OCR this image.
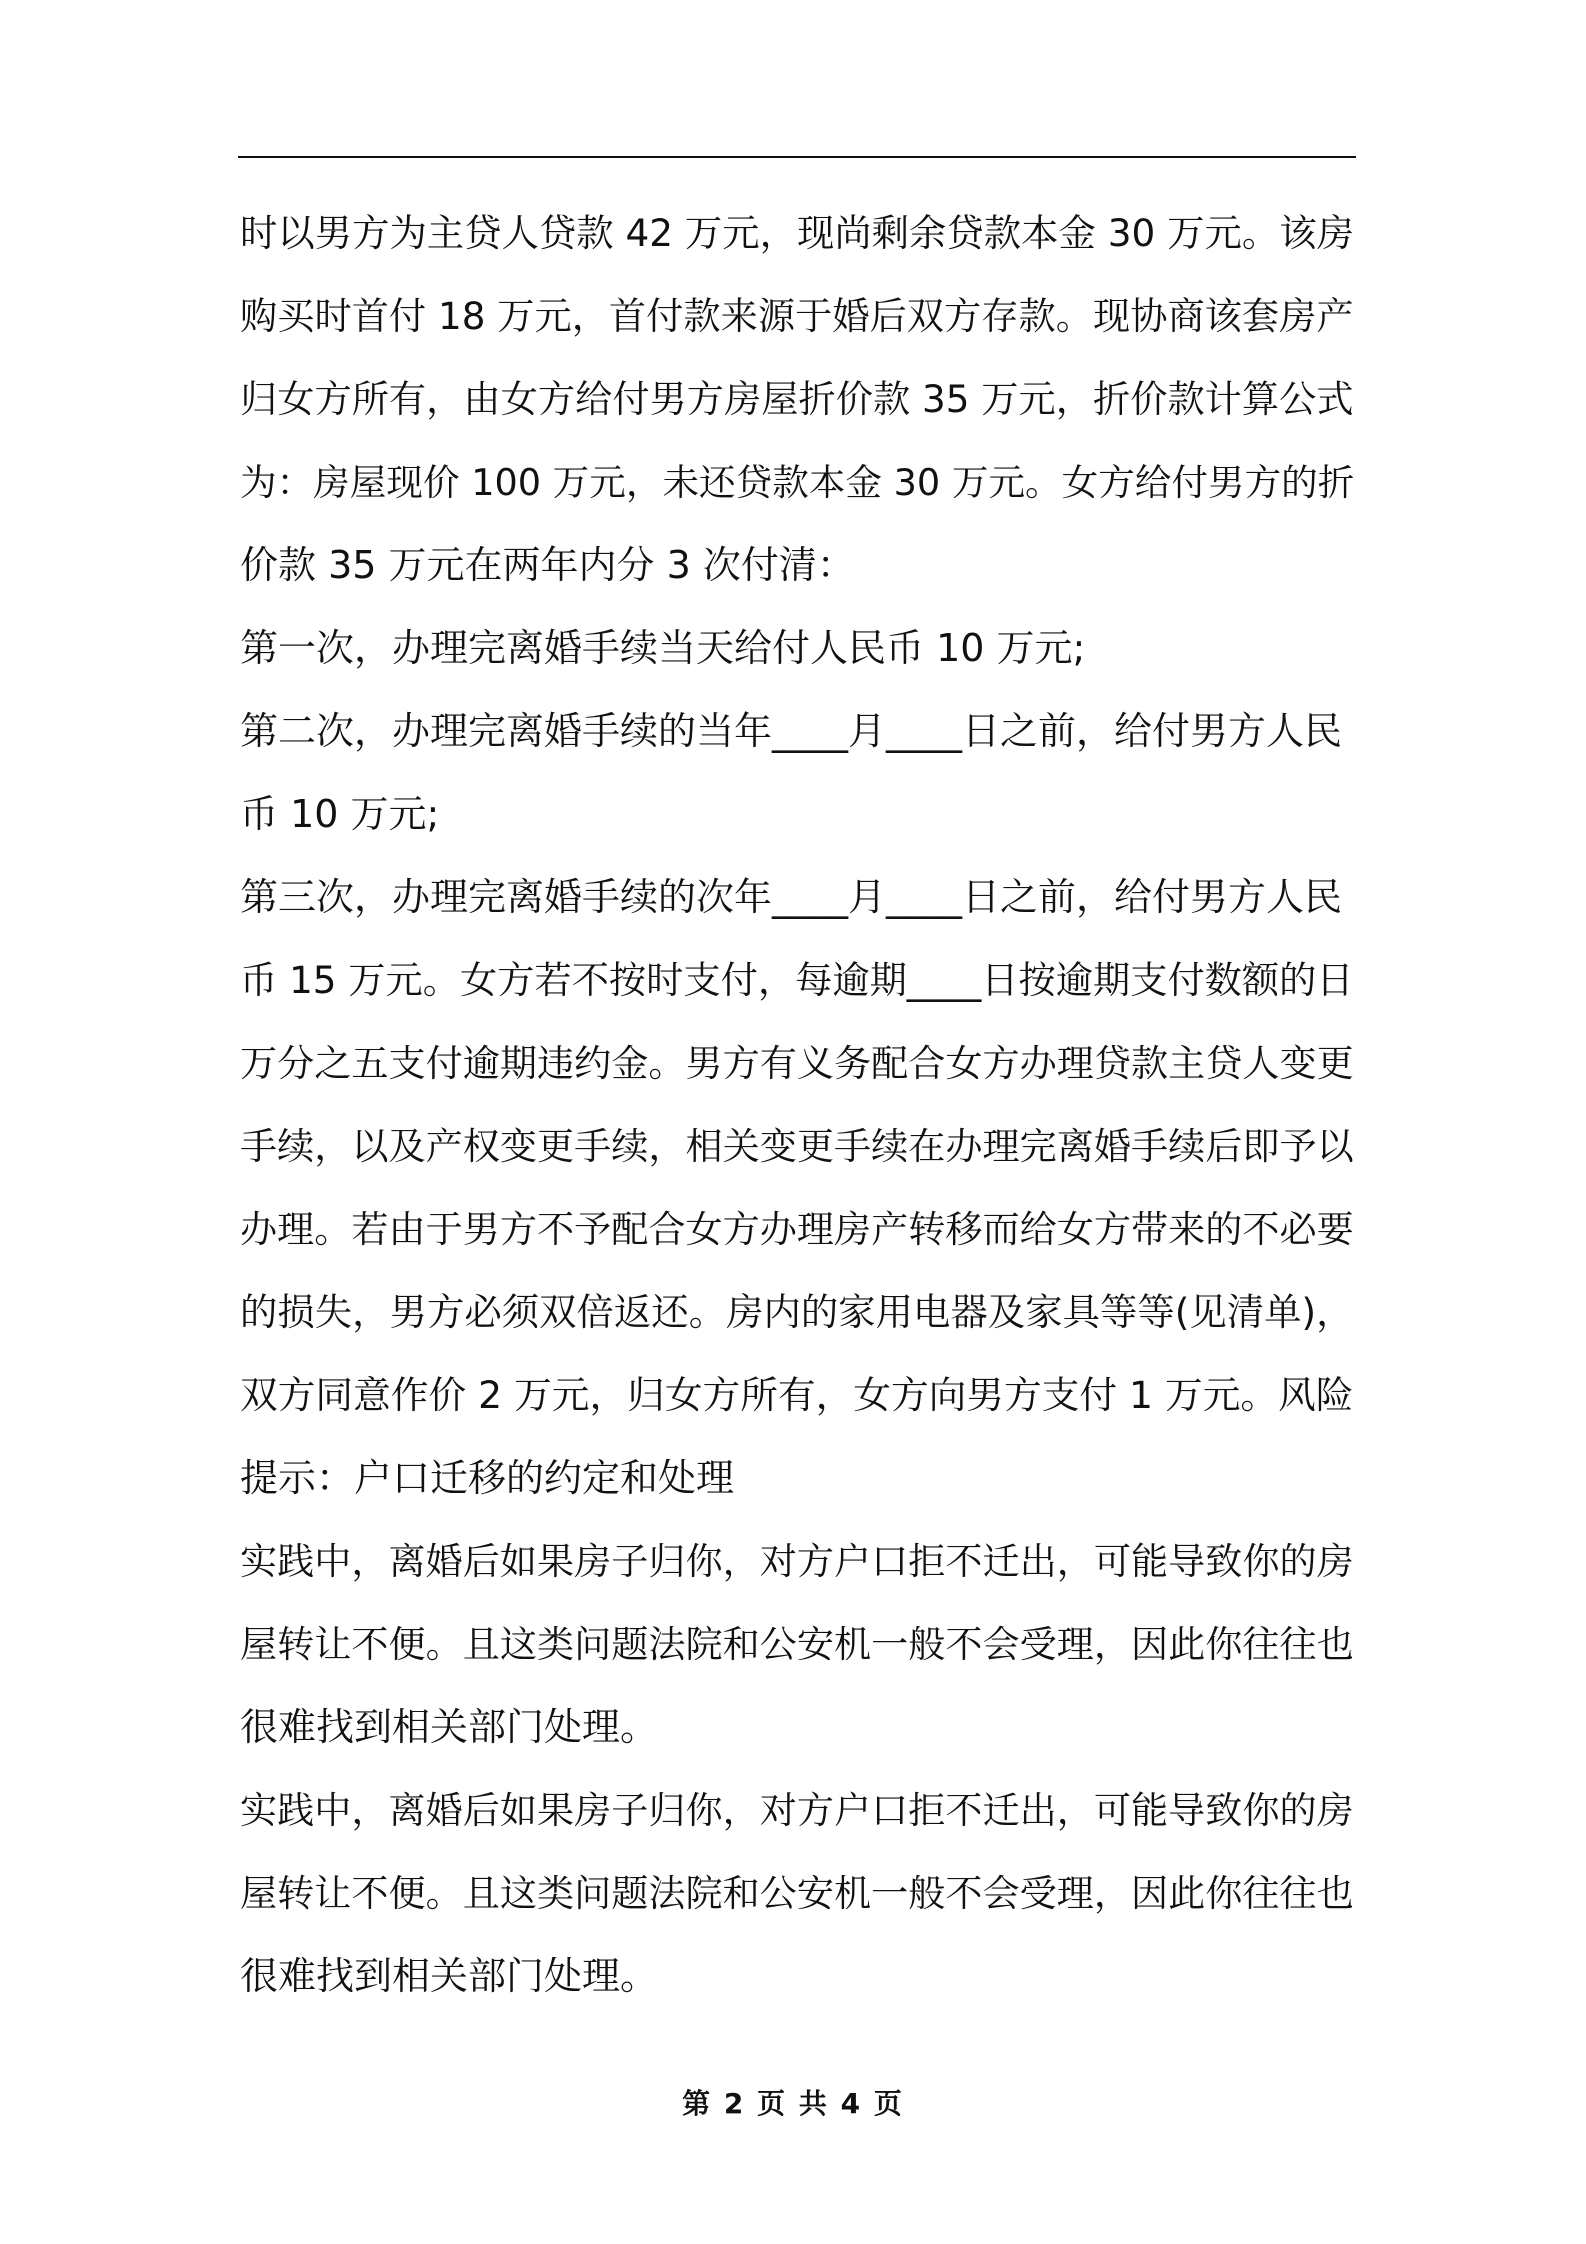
时以男方为主贷人贷款 42 万元，现尚剩余贷款本金 30 万元。该房
购买时首付 18 万元，首付款来源于婚后双方存款。现协商该套房产
归女方所有，由女方给付男方房屋折价款 35 万元，折价款计算公式
为：房屋现价 100 万元，未还贷款本金 30 万元。女方给付男方的折
价款 35 万元在两年内分 3 次付清：

第一次，办理完离婚手续当天给付人民币 10 万元;

第二次，办理完离婚手续的当年____月____日之前，给付男方人民
币 10 万元;

第三次，办理完离婚手续的次年____月____日之前，给付男方人民
币 15 万元。女方若不按时支付，每逾期____日按逾期支付数额的日
万分之五支付逾期违约金。男方有义务配合女方办理贷款主贷人变更
手续，以及产权变更手续，相关变更手续在办理完离婚手续后即予以
办理。若由于男方不予配合女方办理房产转移而给女方带来的不必要
的损失，男方必须双倍返还。房内的家用电器及家具等等(见清单)，
双方同意作价 2 万元，归女方所有，女方向男方支付 1 万元。风险
提示：户口迁移的约定和处理

实践中，离婚后如果房子归你，对方户口拒不迁出，可能导致你的房
屋转让不便。且这类问题法院和公安机一般不会受理，因此你往往也
很难找到相关部门处理。

实践中，离婚后如果房子归你，对方户口拒不迁出，可能导致你的房
屋转让不便。且这类问题法院和公安机一般不会受理，因此你往往也
很难找到相关部门处理。

第 2 页 共 4 页
